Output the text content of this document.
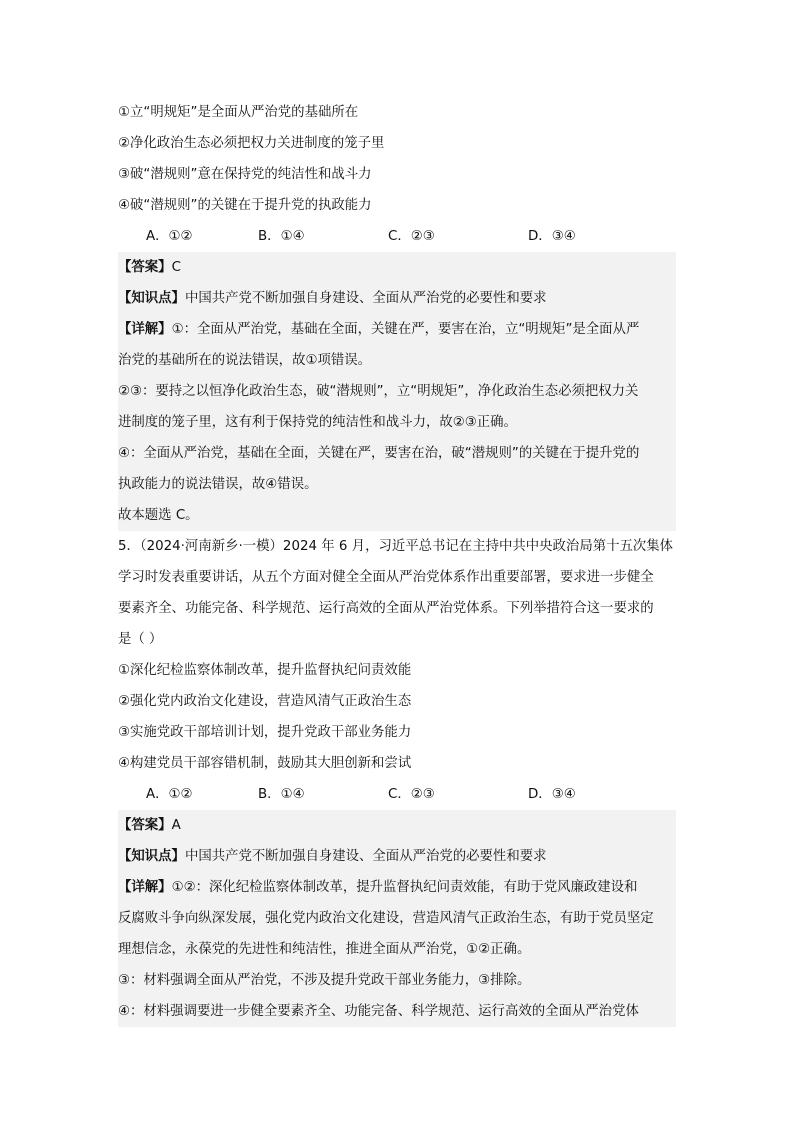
①立“明规矩”是全面从严治党的基础所在
②净化政治生态必须把权力关进制度的笼子里
③破“潜规则”意在保持党的纯洁性和战斗力
④破“潜规则”的关键在于提升党的执政能力
A．①②	B．①④	C．②③	D．③④
【答案】C
【知识点】中国共产党不断加强自身建设、全面从严治党的必要性和要求
【详解】①：全面从严治党，基础在全面，关键在严，要害在治，立“明规矩”是全面从严
治党的基础所在的说法错误，故①项错误。
②③：要持之以恒净化政治生态，破“潜规则”，立“明规矩”，净化政治生态必须把权力关
进制度的笼子里，这有利于保持党的纯洁性和战斗力，故②③正确。
④：全面从严治党，基础在全面，关键在严，要害在治，破“潜规则”的关键在于提升党的
执政能力的说法错误，故④错误。
故本题选 C。
5．（2024·河南新乡·一模）2024 年 6 月，习近平总书记在主持中共中央政治局第十五次集体
学习时发表重要讲话，从五个方面对健全全面从严治党体系作出重要部署，要求进一步健全
要素齐全、功能完备、科学规范、运行高效的全面从严治党体系。下列举措符合这一要求的
是（ ）
①深化纪检监察体制改革，提升监督执纪问责效能
②强化党内政治文化建设，营造风清气正政治生态
③实施党政干部培训计划，提升党政干部业务能力
④构建党员干部容错机制，鼓励其大胆创新和尝试
A．①②	B．①④	C．②③	D．③④
【答案】A
【知识点】中国共产党不断加强自身建设、全面从严治党的必要性和要求
【详解】①②：深化纪检监察体制改革，提升监督执纪问责效能，有助于党风廉政建设和
反腐败斗争向纵深发展，强化党内政治文化建设，营造风清气正政治生态，有助于党员坚定
理想信念，永葆党的先进性和纯洁性，推进全面从严治党，①②正确。
③：材料强调全面从严治党，不涉及提升党政干部业务能力，③排除。
④：材料强调要进一步健全要素齐全、功能完备、科学规范、运行高效的全面从严治党体
